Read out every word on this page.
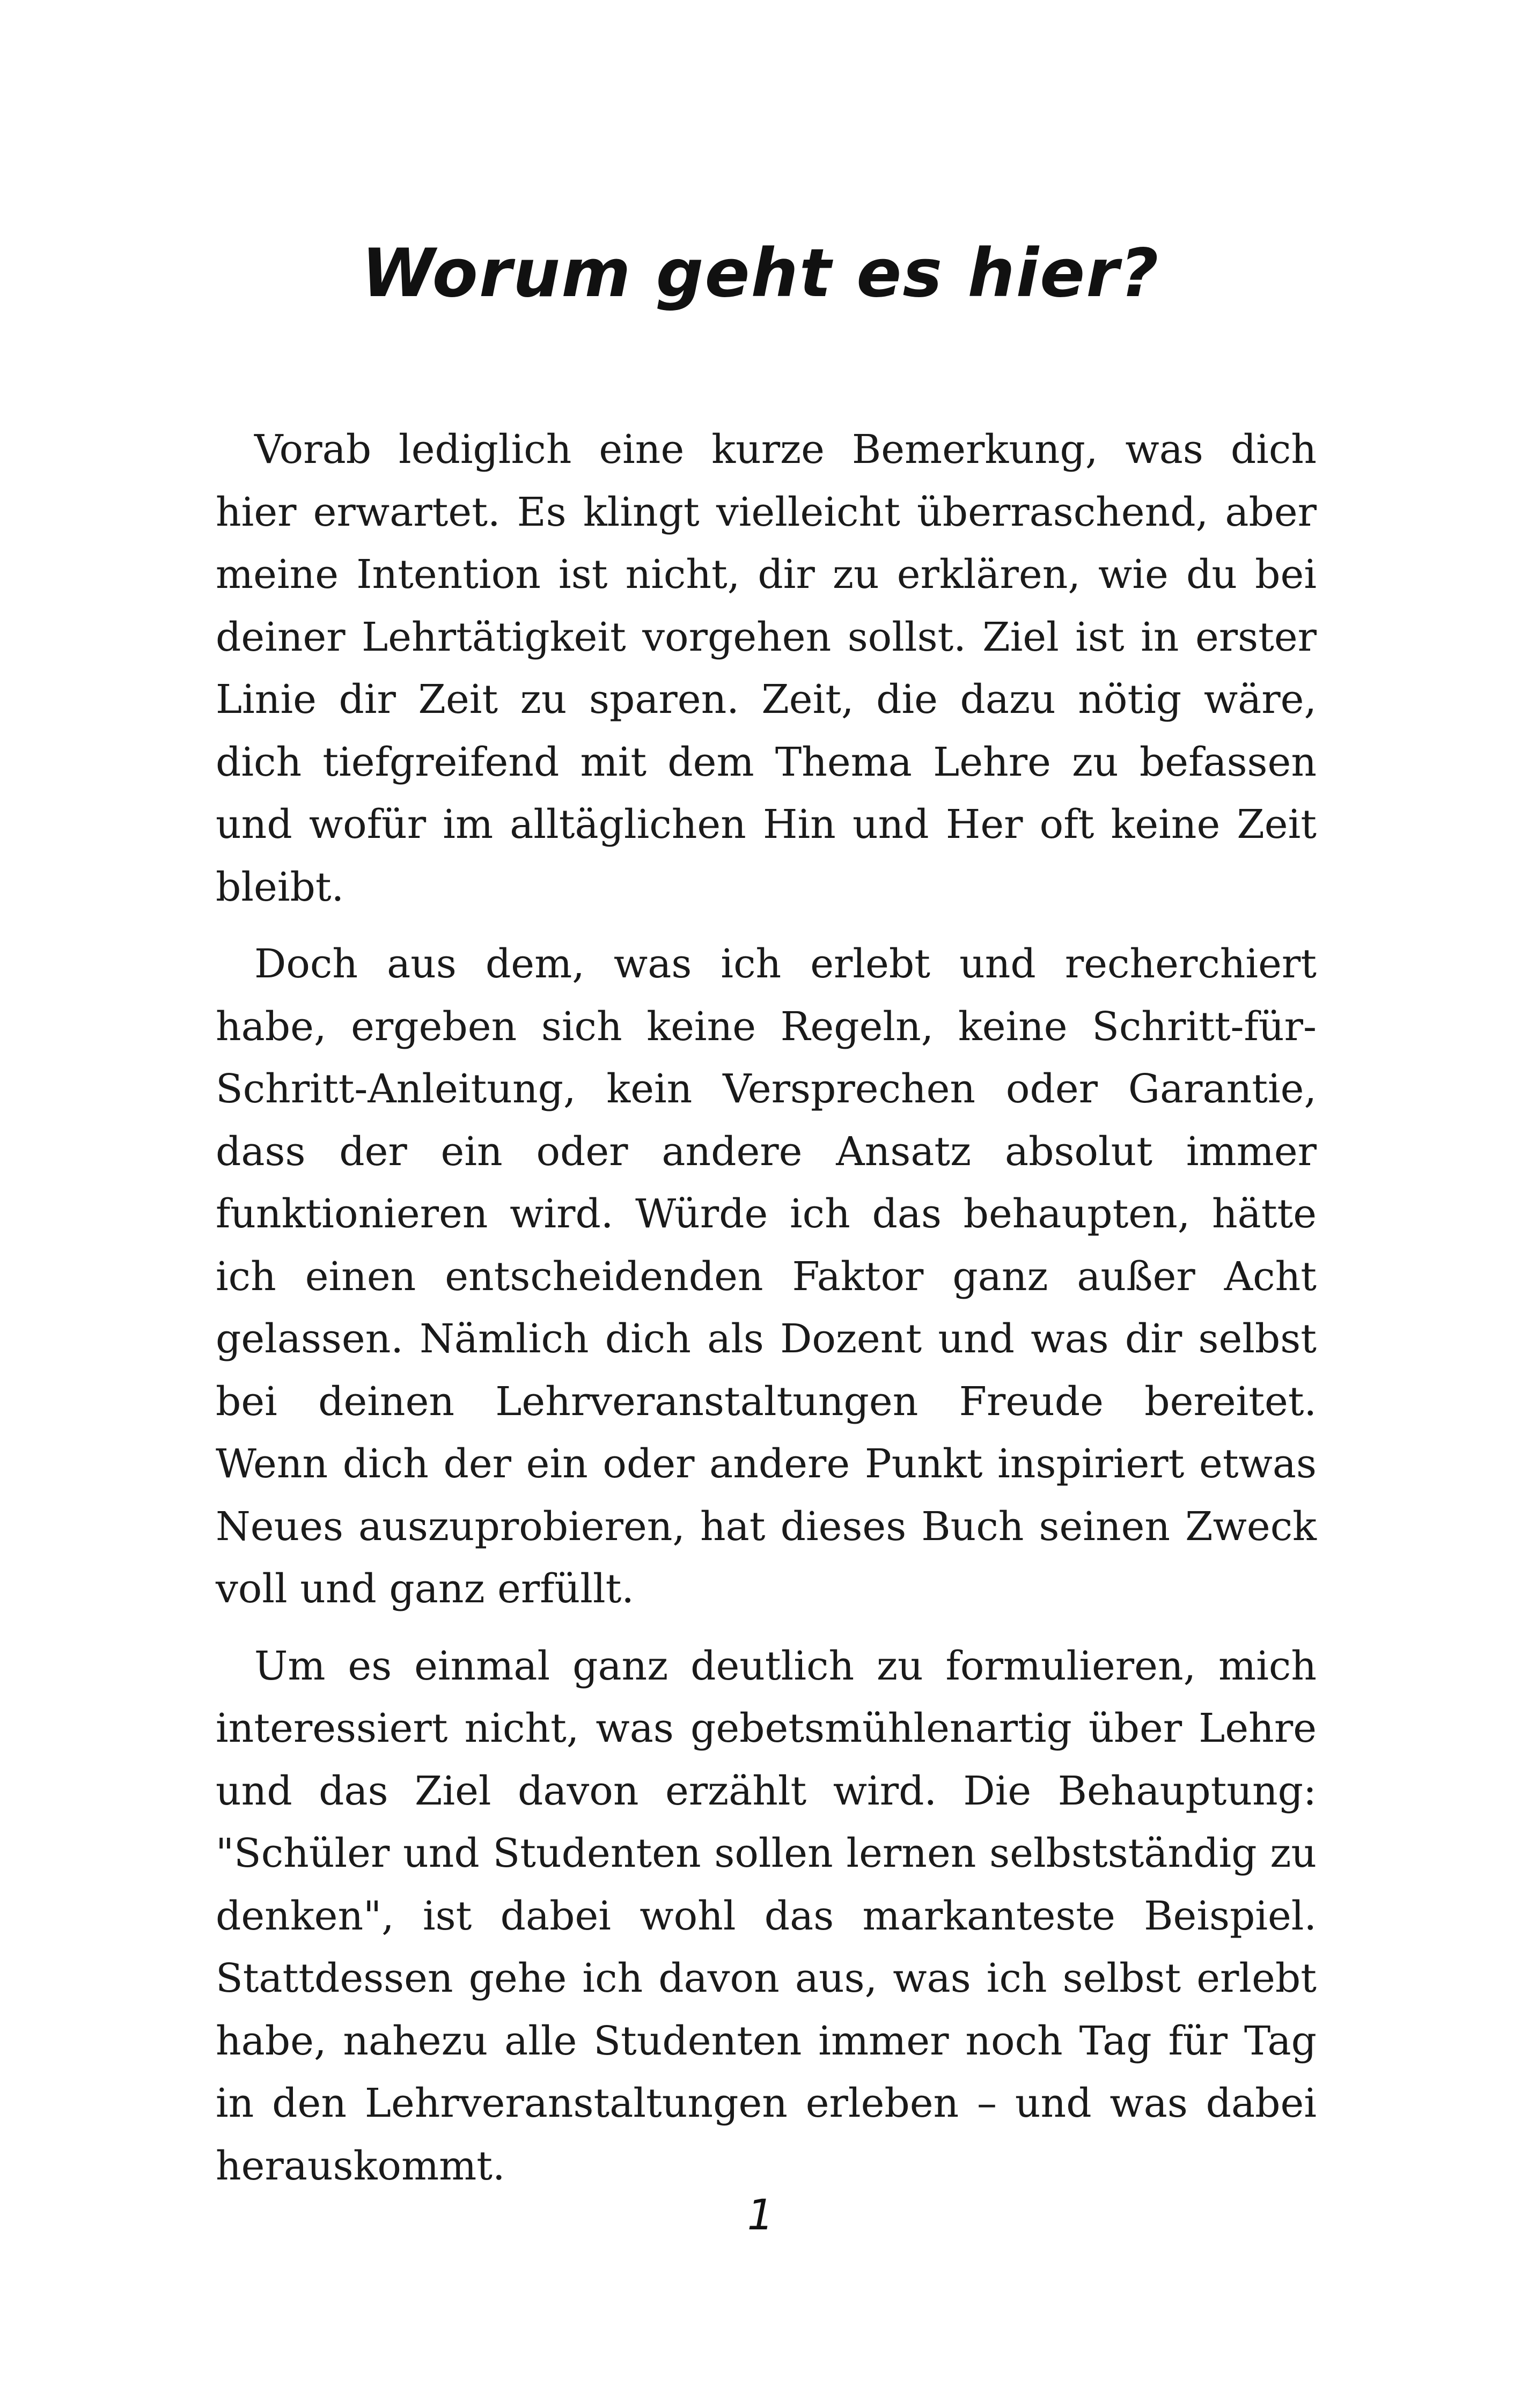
Worum geht es hier?

Vorab lediglich eine kurze Bemerkung, was dich hier erwartet. Es klingt vielleicht überraschend, aber meine Intention ist nicht, dir zu erklären, wie du bei deiner Lehrtätigkeit vorgehen sollst. Ziel ist in erster Linie dir Zeit zu sparen. Zeit, die dazu nötig wäre, dich tiefgreifend mit dem Thema Lehre zu befassen und wofür im alltäglichen Hin und Her oft keine Zeit bleibt.

Doch aus dem, was ich erlebt und recherchiert habe, ergeben sich keine Regeln, keine Schritt-für-Schritt-Anleitung, kein Versprechen oder Garantie, dass der ein oder andere Ansatz absolut immer funktionieren wird. Würde ich das behaupten, hätte ich einen entscheidenden Faktor ganz außer Acht gelassen. Nämlich dich als Dozent und was dir selbst bei deinen Lehrveranstaltungen Freude bereitet. Wenn dich der ein oder andere Punkt inspiriert etwas Neues auszuprobieren, hat dieses Buch seinen Zweck voll und ganz erfüllt.

Um es einmal ganz deutlich zu formulieren, mich interessiert nicht, was gebetsmühlenartig über Lehre und das Ziel davon erzählt wird. Die Behauptung: "Schüler und Studenten sollen lernen selbstständig zu denken", ist dabei wohl das markanteste Beispiel. Stattdessen gehe ich davon aus, was ich selbst erlebt habe, nahezu alle Studenten immer noch Tag für Tag in den Lehrveranstaltungen erleben – und was dabei herauskommt.

1
